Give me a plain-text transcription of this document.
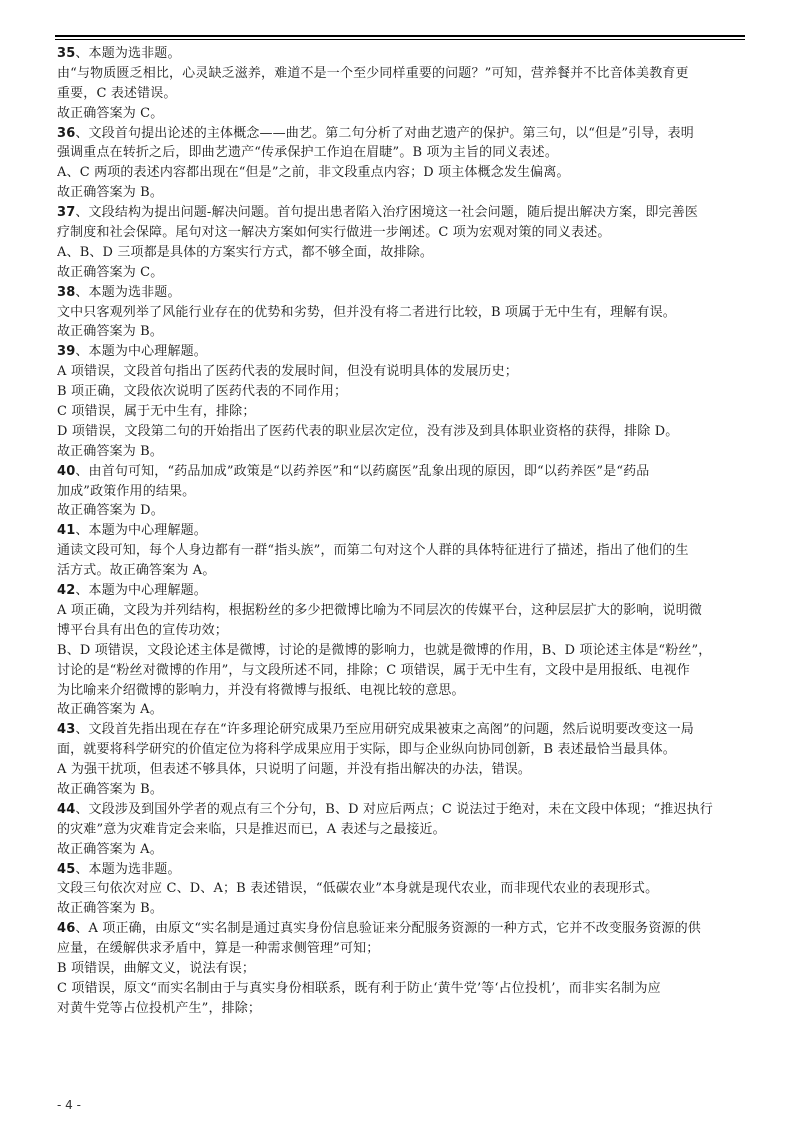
35、本题为选非题。
由“与物质匮乏相比，心灵缺乏滋养，难道不是一个至少同样重要的问题？”可知，营养餐并不比音体美教育更
重要，C 表述错误。
故正确答案为 C。
36、文段首句提出论述的主体概念——曲艺。第二句分析了对曲艺遗产的保护。第三句，以“但是”引导，表明
强调重点在转折之后，即曲艺遗产“传承保护工作迫在眉睫”。B 项为主旨的同义表述。
A、C 两项的表述内容都出现在“但是”之前，非文段重点内容；D 项主体概念发生偏离。
故正确答案为 B。
37、文段结构为提出问题-解决问题。首句提出患者陷入治疗困境这一社会问题，随后提出解决方案，即完善医
疗制度和社会保障。尾句对这一解决方案如何实行做进一步阐述。C 项为宏观对策的同义表述。
A、B、D 三项都是具体的方案实行方式，都不够全面，故排除。
故正确答案为 C。
38、本题为选非题。
文中只客观列举了风能行业存在的优势和劣势，但并没有将二者进行比较，B 项属于无中生有，理解有误。
故正确答案为 B。
39、本题为中心理解题。
A 项错误，文段首句指出了医药代表的发展时间，但没有说明具体的发展历史；
B 项正确，文段依次说明了医药代表的不同作用；
C 项错误，属于无中生有，排除；
D 项错误，文段第二句的开始指出了医药代表的职业层次定位，没有涉及到具体职业资格的获得，排除 D。
故正确答案为 B。
40、由首句可知，“药品加成”政策是“以药养医”和“以药腐医”乱象出现的原因，即“以药养医”是“药品
加成”政策作用的结果。
故正确答案为 D。
41、本题为中心理解题。
通读文段可知，每个人身边都有一群“指头族”，而第二句对这个人群的具体特征进行了描述，指出了他们的生
活方式。故正确答案为 A。
42、本题为中心理解题。
A 项正确，文段为并列结构，根据粉丝的多少把微博比喻为不同层次的传媒平台，这种层层扩大的影响，说明微
博平台具有出色的宣传功效；
B、D 项错误，文段论述主体是微博，讨论的是微博的影响力，也就是微博的作用，B、D 项论述主体是“粉丝”，
讨论的是“粉丝对微博的作用”，与文段所述不同，排除；C 项错误，属于无中生有，文段中是用报纸、电视作
为比喻来介绍微博的影响力，并没有将微博与报纸、电视比较的意思。
故正确答案为 A。
43、文段首先指出现在存在“许多理论研究成果乃至应用研究成果被束之高阁”的问题，然后说明要改变这一局
面，就要将科学研究的价值定位为将科学成果应用于实际，即与企业纵向协同创新，B 表述最恰当最具体。
A 为强干扰项，但表述不够具体，只说明了问题，并没有指出解决的办法，错误。
故正确答案为 B。
44、文段涉及到国外学者的观点有三个分句，B、D 对应后两点；C 说法过于绝对，未在文段中体现；“推迟执行
的灾难”意为灾难肯定会来临，只是推迟而已，A 表述与之最接近。
故正确答案为 A。
45、本题为选非题。
文段三句依次对应 C、D、A；B 表述错误，“低碳农业”本身就是现代农业，而非现代农业的表现形式。
故正确答案为 B。
46、A 项正确，由原文“实名制是通过真实身份信息验证来分配服务资源的一种方式，它并不改变服务资源的供
应量，在缓解供求矛盾中，算是一种需求侧管理”可知；
B 项错误，曲解文义，说法有误；
C 项错误，原文“而实名制由于与真实身份相联系，既有利于防止‘黄牛党’等‘占位投机’，而非实名制为应
对黄牛党等占位投机产生”，排除；
- 4 -
